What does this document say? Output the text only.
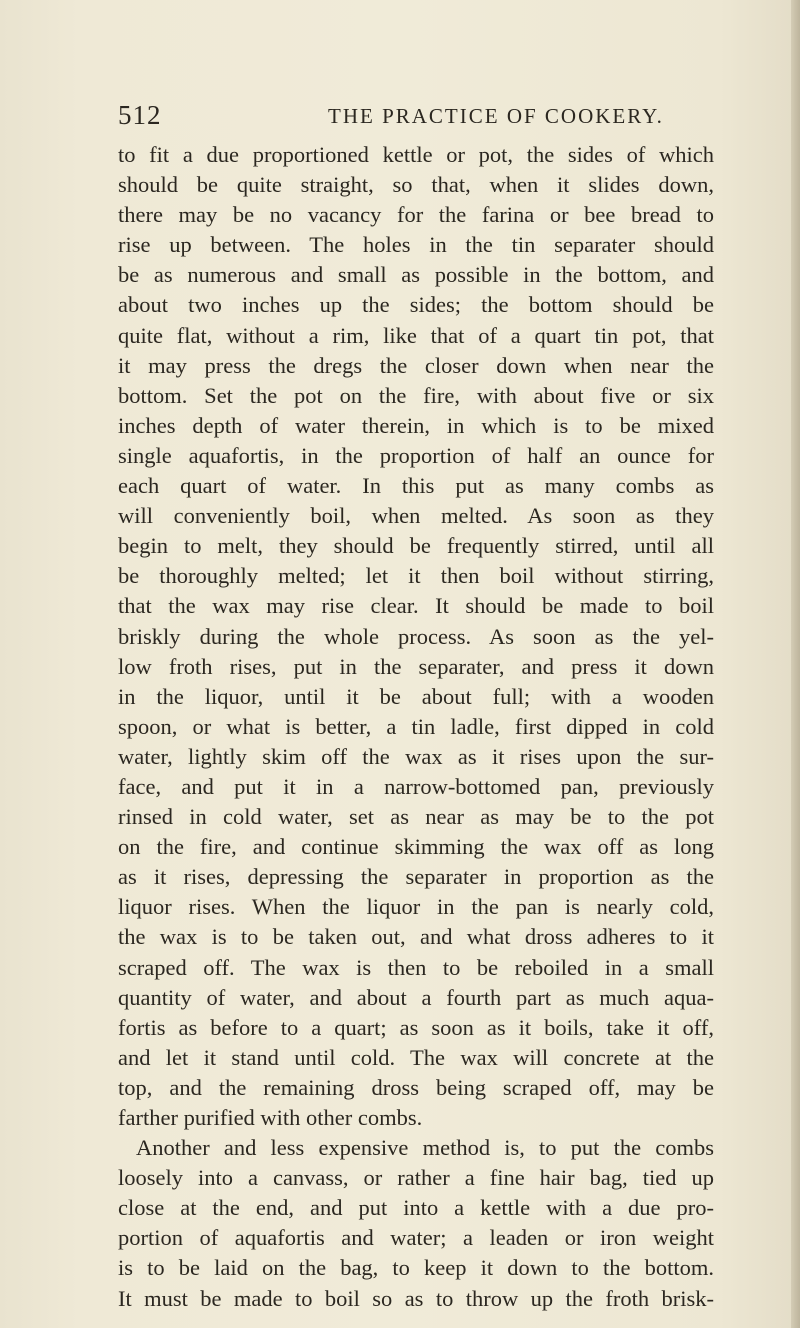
512	THE PRACTICE OF COOKERY.

to fit a due proportioned kettle or pot, the sides of which
should be quite straight, so that, when it slides down,
there may be no vacancy for the farina or bee bread to
rise up between. The holes in the tin separater should
be as numerous and small as possible in the bottom, and
about two inches up the sides; the bottom should be
quite flat, without a rim, like that of a quart tin pot, that
it may press the dregs the closer down when near the
bottom. Set the pot on the fire, with about five or six
inches depth of water therein, in which is to be mixed
single aquafortis, in the proportion of half an ounce for
each quart of water. In this put as many combs as
will conveniently boil, when melted. As soon as they
begin to melt, they should be frequently stirred, until all
be thoroughly melted; let it then boil without stirring,
that the wax may rise clear. It should be made to boil
briskly during the whole process. As soon as the yel-
low froth rises, put in the separater, and press it down
in the liquor, until it be about full; with a wooden
spoon, or what is better, a tin ladle, first dipped in cold
water, lightly skim off the wax as it rises upon the sur-
face, and put it in a narrow-bottomed pan, previously
rinsed in cold water, set as near as may be to the pot
on the fire, and continue skimming the wax off as long
as it rises, depressing the separater in proportion as the
liquor rises. When the liquor in the pan is nearly cold,
the wax is to be taken out, and what dross adheres to it
scraped off. The wax is then to be reboiled in a small
quantity of water, and about a fourth part as much aqua-
fortis as before to a quart; as soon as it boils, take it off,
and let it stand until cold. The wax will concrete at the
top, and the remaining dross being scraped off, may be
farther purified with other combs.

Another and less expensive method is, to put the combs
loosely into a canvass, or rather a fine hair bag, tied up
close at the end, and put into a kettle with a due pro-
portion of aquafortis and water; a leaden or iron weight
is to be laid on the bag, to keep it down to the bottom.
It must be made to boil so as to throw up the froth brisk-
